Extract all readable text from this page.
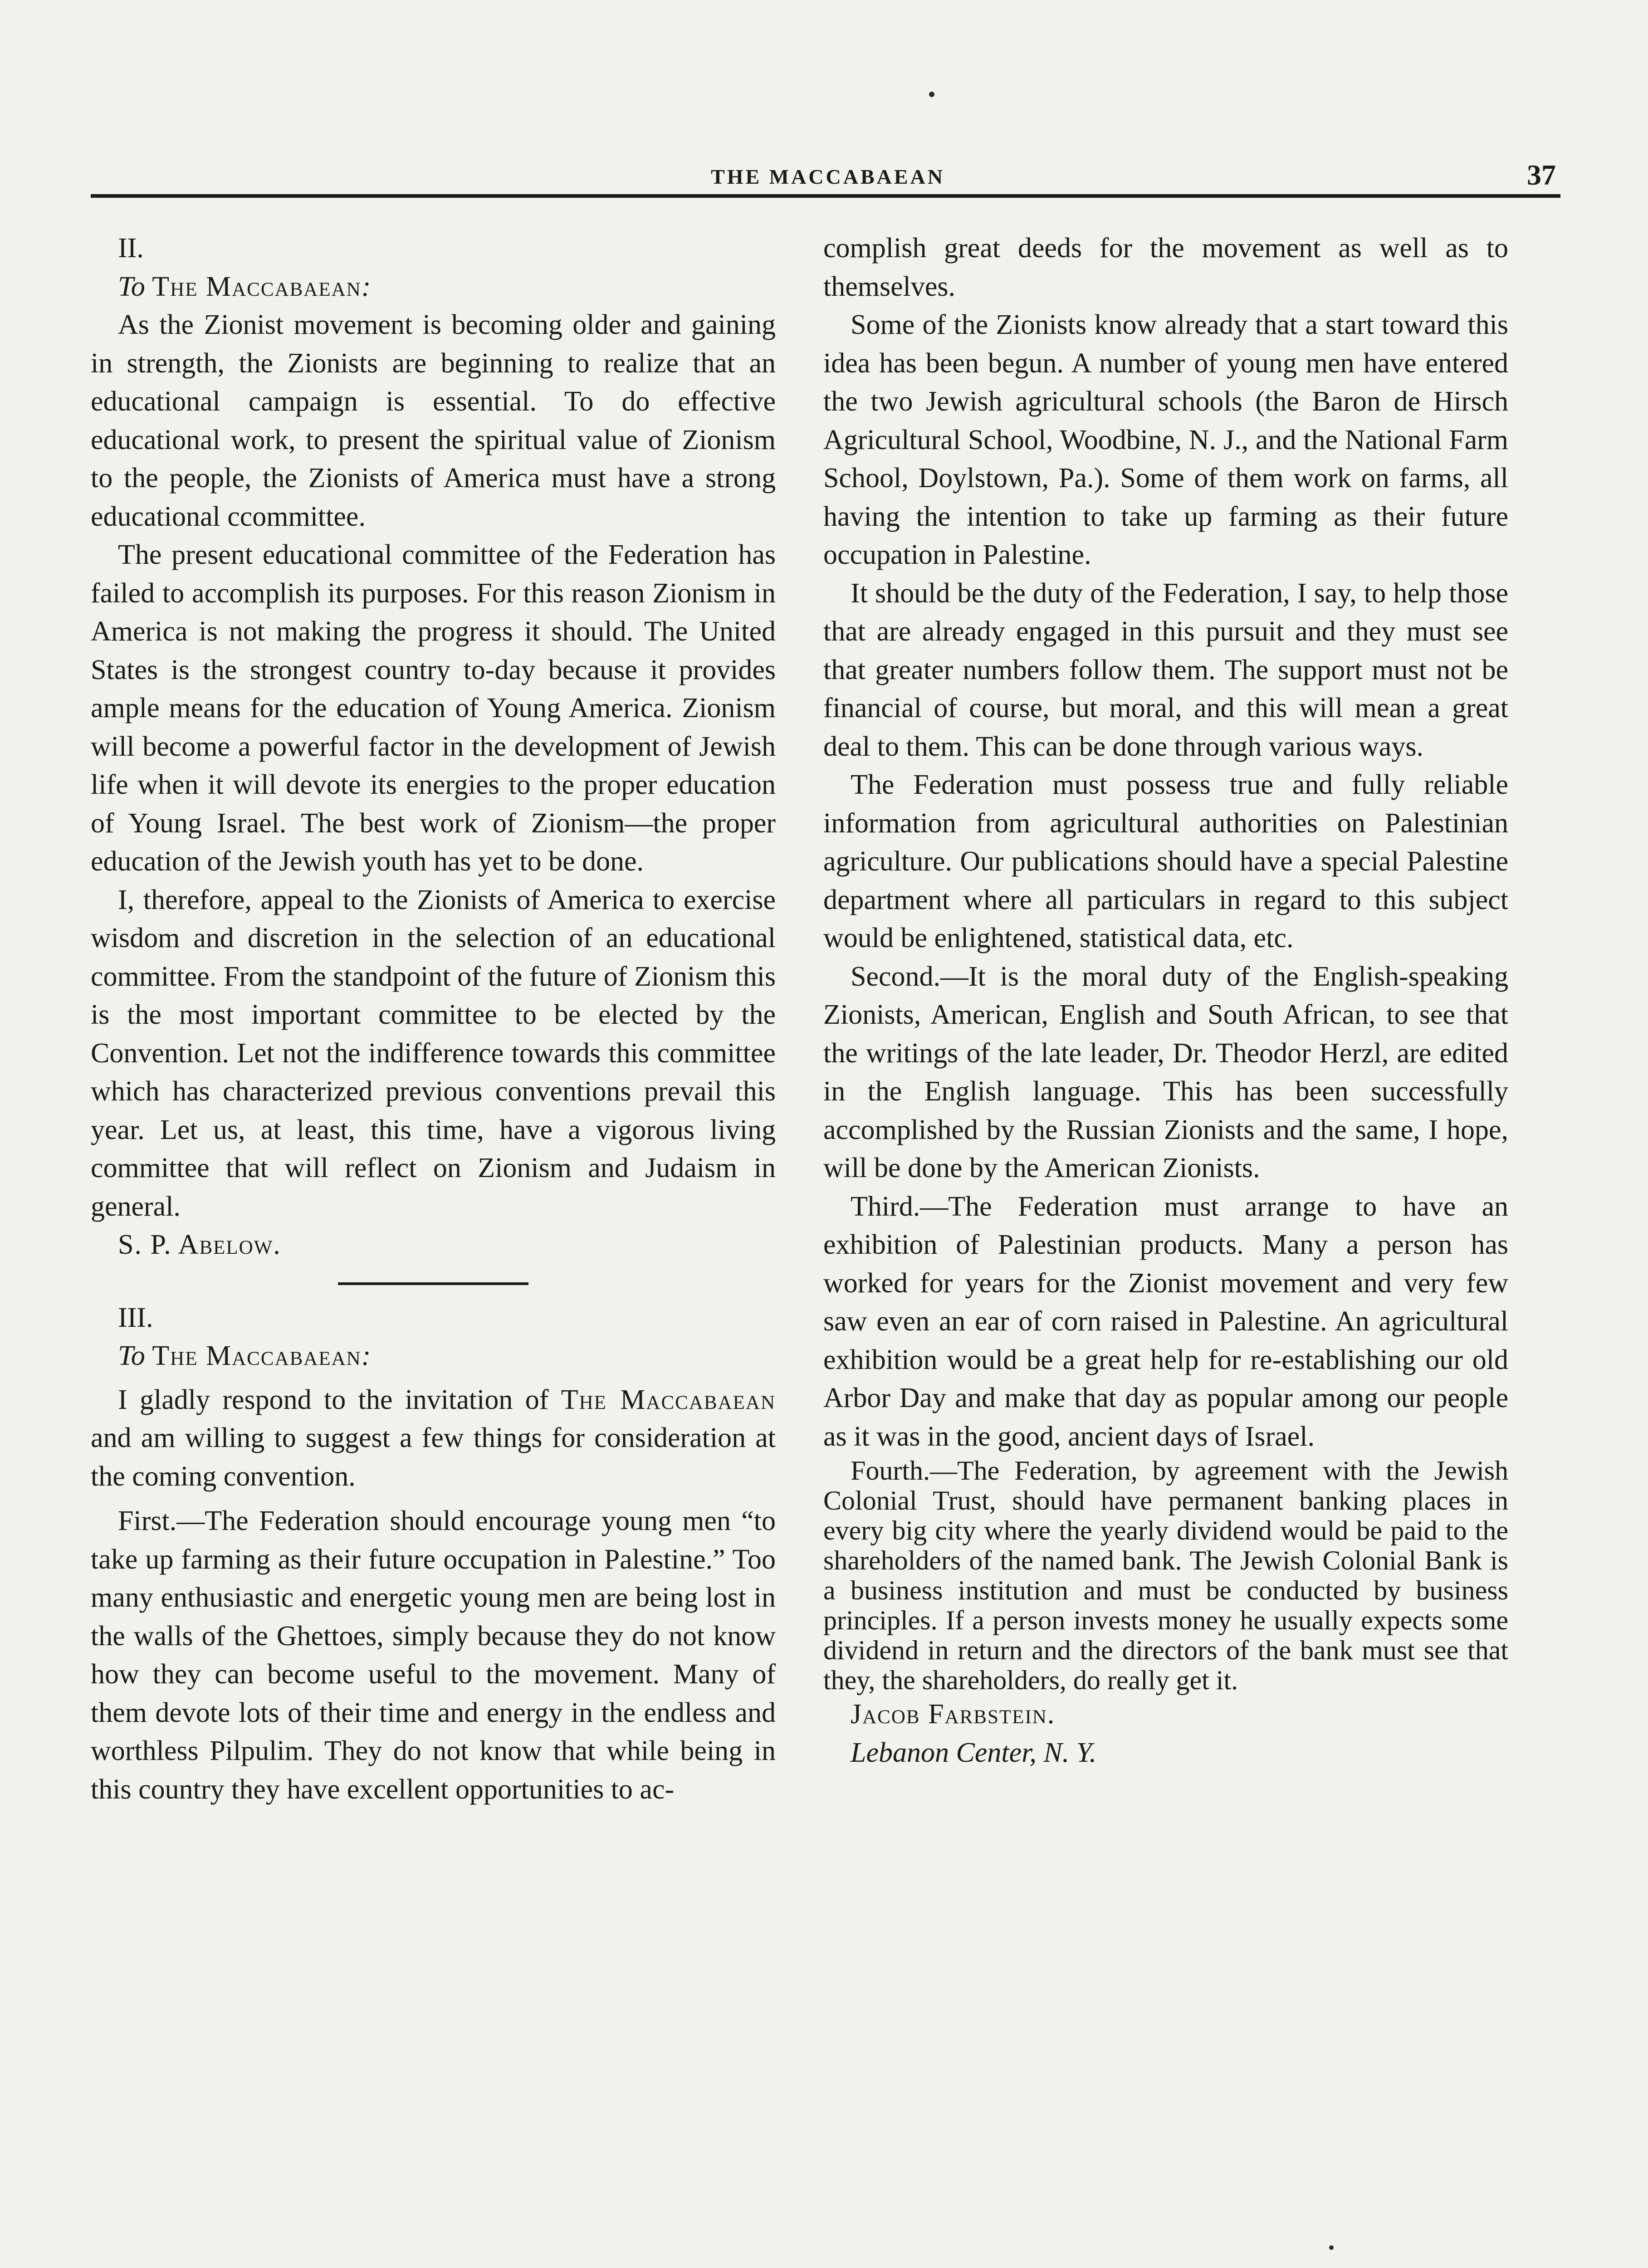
THE MACCABAEAN	37

II.

To The Maccabaean:

As the Zionist movement is becoming older and gaining in strength, the Zionists are beginning to realize that an educational campaign is essential. To do effective educational work, to present the spiritual value of Zionism to the people, the Zionists of America must have a strong educational ccommittee.

The present educational committee of the Federation has failed to accomplish its purposes. For this reason Zionism in America is not making the progress it should. The United States is the strongest country to-day because it provides ample means for the education of Young America. Zionism will become a powerful factor in the development of Jewish life when it will devote its energies to the proper education of Young Israel. The best work of Zionism—the proper education of the Jewish youth has yet to be done.

I, therefore, appeal to the Zionists of America to exercise wisdom and discretion in the selection of an educational committee. From the standpoint of the future of Zionism this is the most important committee to be elected by the Convention. Let not the indifference towards this committee which has characterized previous conventions prevail this year. Let us, at least, this time, have a vigorous living committee that will reflect on Zionism and Judaism in general.

S. P. Abelow.

III.

To The Maccabaean:

I gladly respond to the invitation of The Maccabaean and am willing to suggest a few things for consideration at the coming convention.

First.—The Federation should encourage young men “to take up farming as their future occupation in Palestine.” Too many enthusiastic and energetic young men are being lost in the walls of the Ghettoes, simply because they do not know how they can become useful to the movement. Many of them devote lots of their time and energy in the endless and worthless Pilpulim. They do not know that while being in this country they have excellent opportunities to ac-

complish great deeds for the movement as well as to themselves.

Some of the Zionists know already that a start toward this idea has been begun. A number of young men have entered the two Jewish agricultural schools (the Baron de Hirsch Agricultural School, Woodbine, N. J., and the National Farm School, Doylstown, Pa.). Some of them work on farms, all having the intention to take up farming as their future occupation in Palestine.

It should be the duty of the Federation, I say, to help those that are already engaged in this pursuit and they must see that greater numbers follow them. The support must not be financial of course, but moral, and this will mean a great deal to them. This can be done through various ways.

The Federation must possess true and fully reliable information from agricultural authorities on Palestinian agriculture. Our publications should have a special Palestine department where all particulars in regard to this subject would be enlightened, statistical data, etc.

Second.—It is the moral duty of the English-speaking Zionists, American, English and South African, to see that the writings of the late leader, Dr. Theodor Herzl, are edited in the English language. This has been successfully accomplished by the Russian Zionists and the same, I hope, will be done by the American Zionists.

Third.—The Federation must arrange to have an exhibition of Palestinian products. Many a person has worked for years for the Zionist movement and very few saw even an ear of corn raised in Palestine. An agricultural exhibition would be a great help for re-establishing our old Arbor Day and make that day as popular among our people as it was in the good, ancient days of Israel.

Fourth.—The Federation, by agreement with the Jewish Colonial Trust, should have permanent banking places in every big city where the yearly dividend would be paid to the shareholders of the named bank. The Jewish Colonial Bank is a business institution and must be conducted by business principles. If a person invests money he usually expects some dividend in return and the directors of the bank must see that they, the shareholders, do really get it.

Jacob Farbstein.

Lebanon Center, N. Y.
